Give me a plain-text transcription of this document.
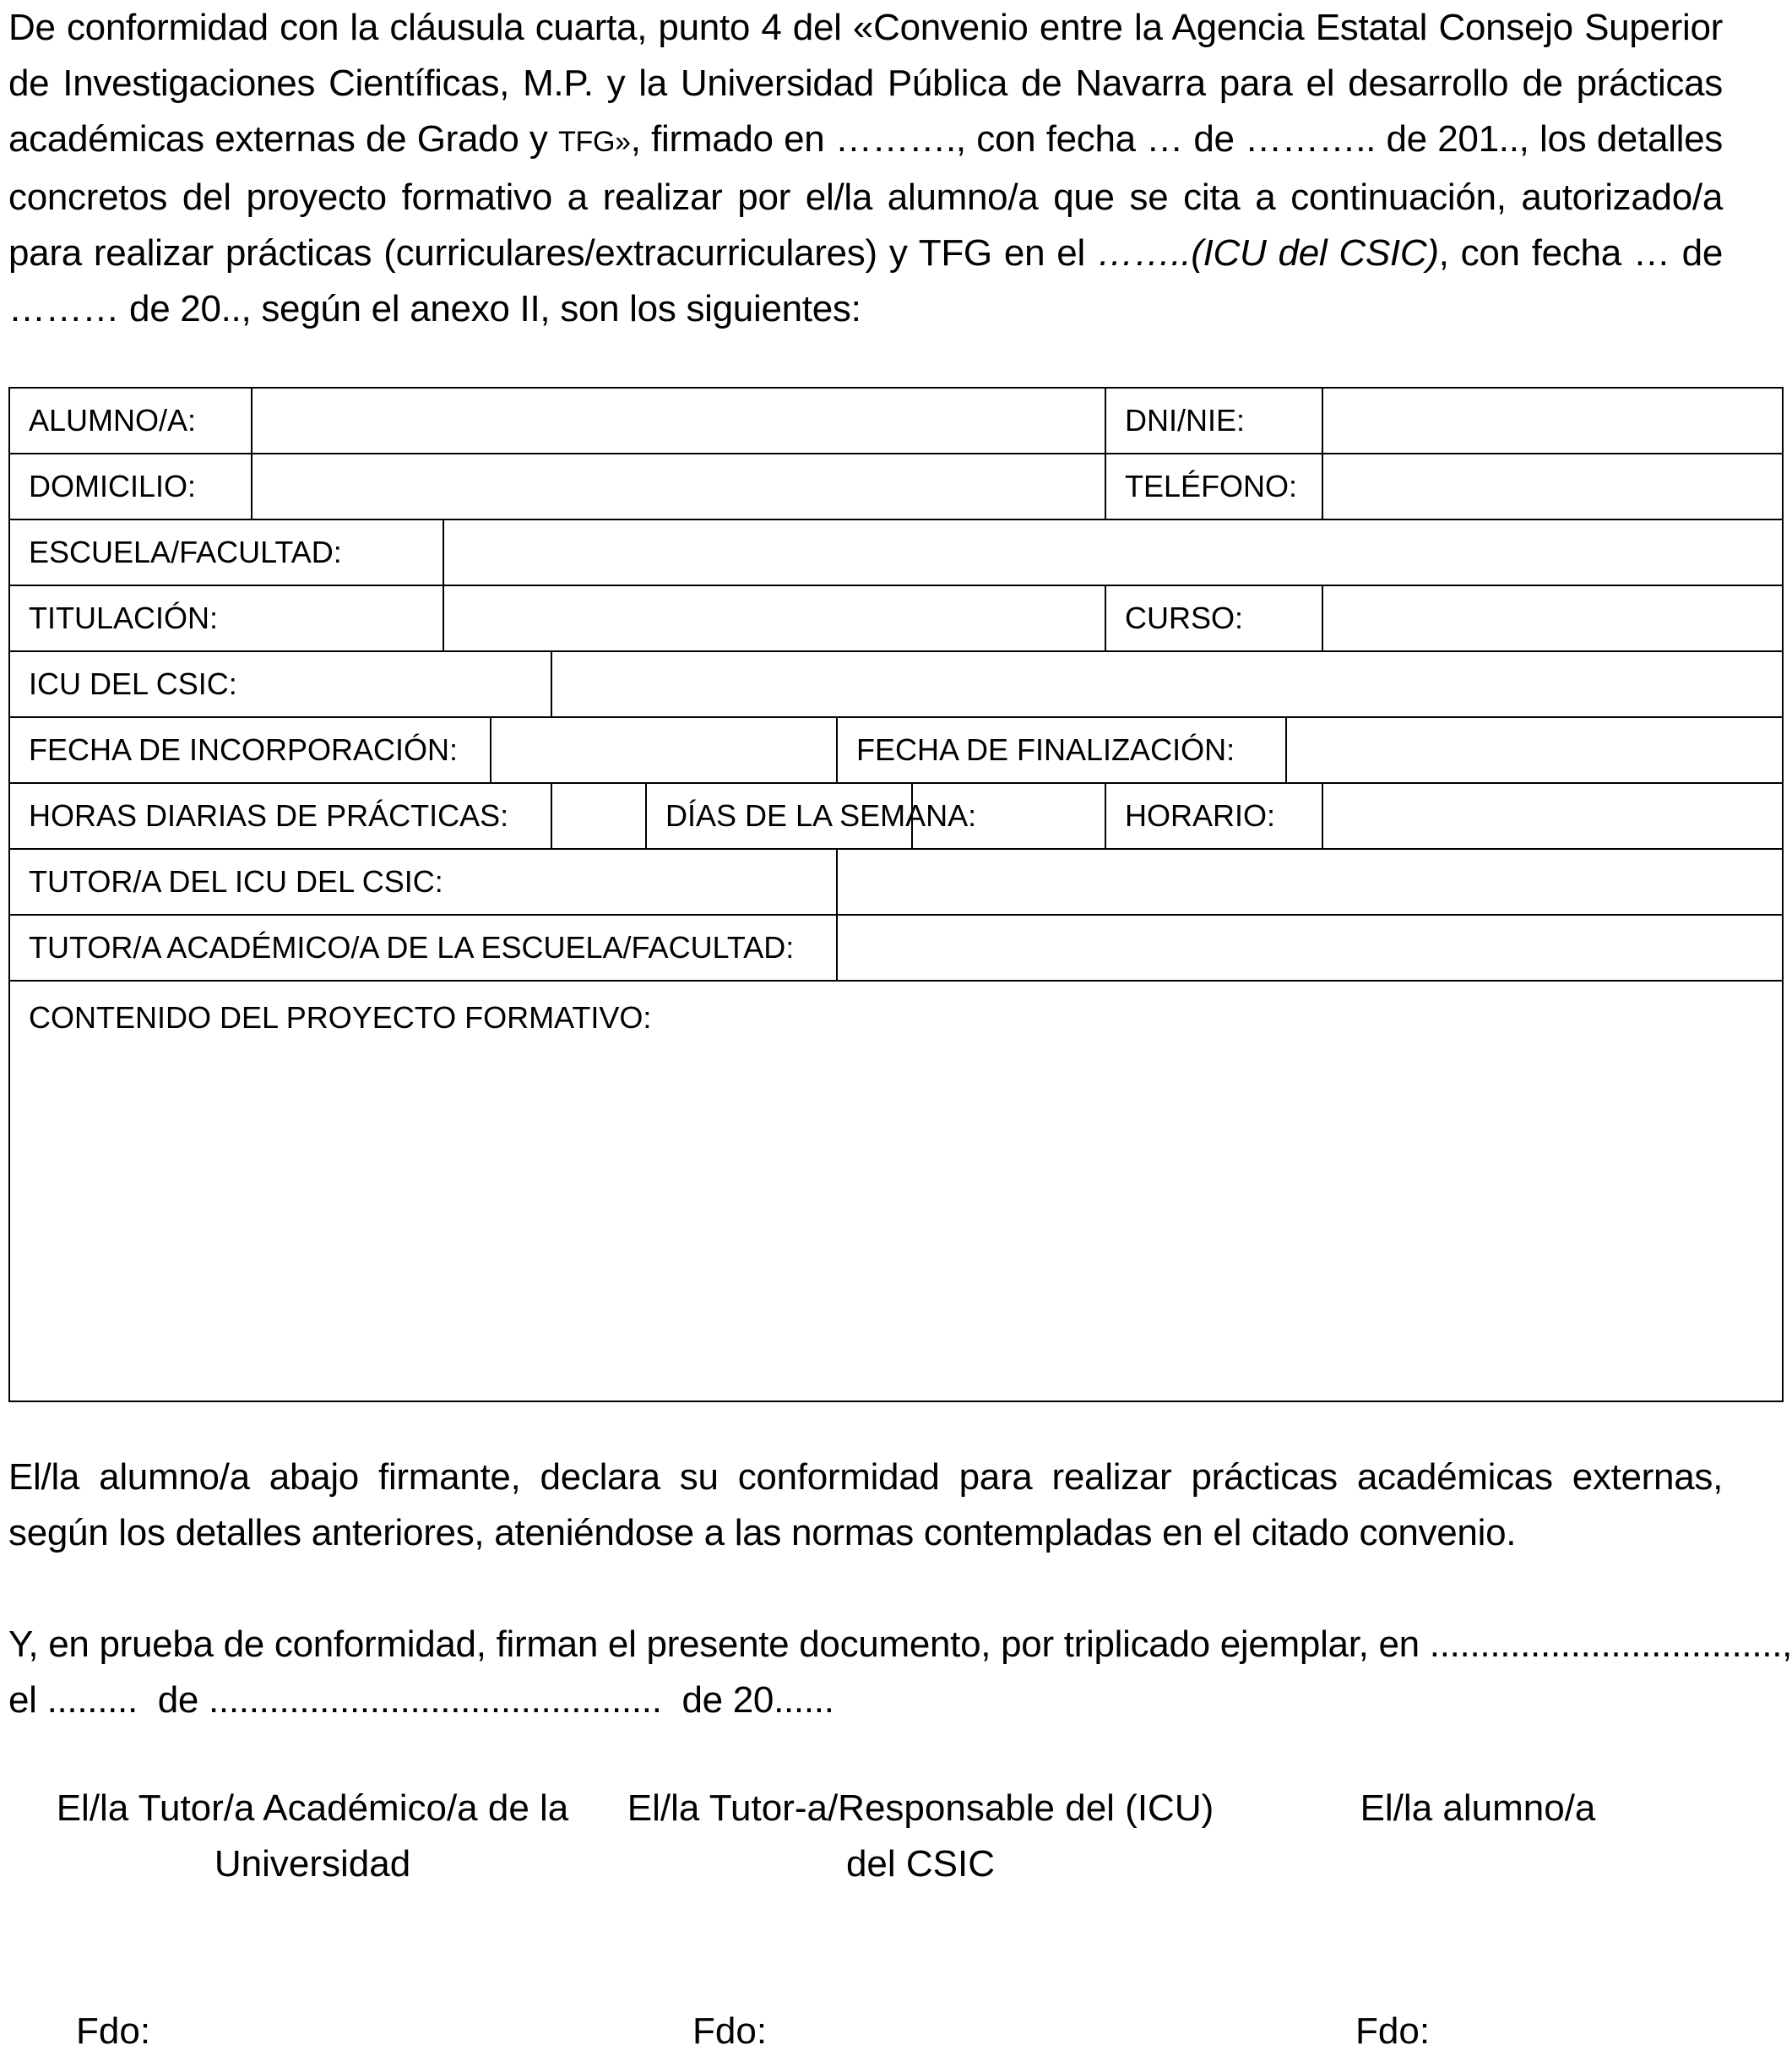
De conformidad con la cláusula cuarta, punto 4 del «Convenio entre la Agencia Estatal Consejo Superior de Investigaciones Científicas, M.P. y la Universidad Pública de Navarra para el desarrollo de prácticas académicas externas de Grado y TFG», firmado en ………., con fecha … de ……….. de 201.., los detalles concretos del proyecto formativo a realizar por el/la alumno/a que se cita a continuación, autorizado/a para realizar prácticas (curriculares/extracurriculares) y TFG en el ……..(ICU del CSIC), con fecha … de ……… de 20.., según el anexo II, son los siguientes:

ALUMNO/A:								DNI/NIE:		
DOMICILIO:								TELÉFONO:		
ESCUELA/FACULTAD:										
TITULACIÓN:								CURSO:		
ICU DEL CSIC:										
FECHA DE INCORPORACIÓN:						FECHA DE FINALIZACIÓN:				
HORAS DIARIAS DE PRÁCTICAS:					DÍAS DE LA SEMANA:			HORARIO:		
TUTOR/A DEL ICU DEL CSIC:										
TUTOR/A ACADÉMICO/A DE LA ESCUELA/FACULTAD:										
CONTENIDO DEL PROYECTO FORMATIVO:										

El/la alumno/a abajo firmante, declara su conformidad para realizar prácticas académicas externas, según los detalles anteriores, ateniéndose a las normas contempladas en el citado convenio.

Y, en prueba de conformidad, firman el presente documento, por triplicado ejemplar, en ...................................,

el .........  de .............................................  de 20......

El/la Tutor/a Académico/a de la
Universidad
El/la Tutor-a/Responsable del (ICU)
del CSIC
El/la alumno/a
Fdo:	Fdo:	Fdo:
